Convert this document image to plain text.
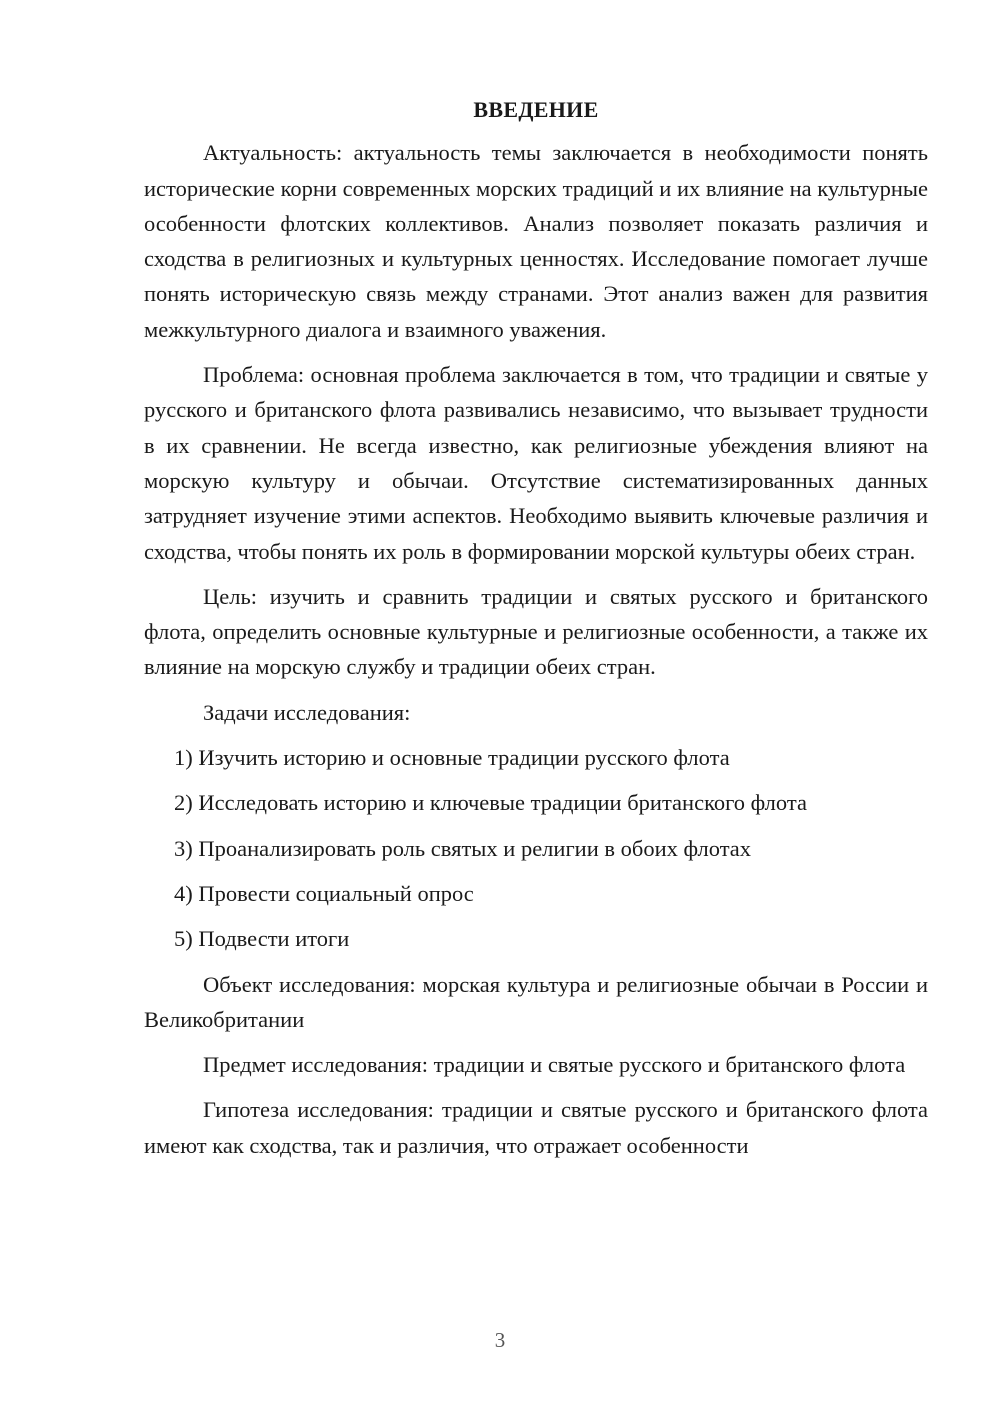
ВВЕДЕНИЕ

Актуальность: актуальность темы заключается в необходимости понять исторические корни современных морских традиций и их влияние на культурные особенности флотских коллективов. Анализ позволяет показать различия и сходства в религиозных и культурных ценностях. Исследование помогает лучше понять историческую связь между странами. Этот анализ важен для развития межкультурного диалога и взаимного уважения.

Проблема: основная проблема заключается в том, что традиции и святые у русского и британского флота развивались независимо, что вызывает трудности в их сравнении. Не всегда известно, как религиозные убеждения влияют на морскую культуру и обычаи. Отсутствие систематизированных данных затрудняет изучение этими аспектов. Необходимо выявить ключевые различия и сходства, чтобы понять их роль в формировании морской культуры обеих стран.

Цель: изучить и сравнить традиции и святых русского и британского флота, определить основные культурные и религиозные особенности, а также их влияние на морскую службу и традиции обеих стран.

Задачи исследования:

1) Изучить историю и основные традиции русского флота
2) Исследовать историю и ключевые традиции британского флота
3) Проанализировать роль святых и религии в обоих флотах
4) Провести социальный опрос
5) Подвести итоги

Объект исследования: морская культура и религиозные обычаи в России и Великобритании

Предмет исследования: традиции и святые русского и британского флота

Гипотеза исследования: традиции и святые русского и британского флота имеют как сходства, так и различия, что отражает особенности

3
